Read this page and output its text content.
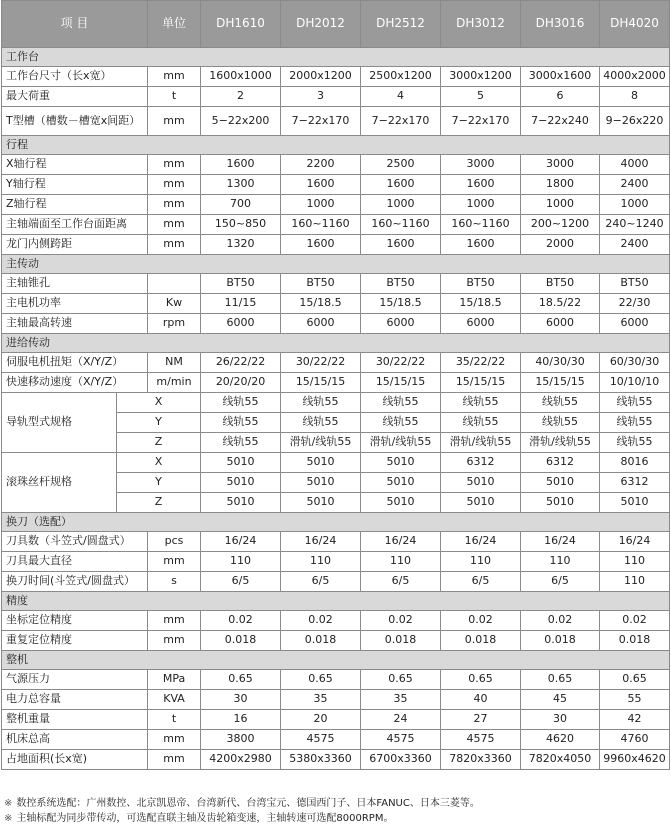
项 目		单位	DH1610	DH2012	DH2512	DH3012	DH3016	DH4020
工作台								
工作台尺寸（长x宽）		mm	1600x1000	2000x1200	2500x1200	3000x1200	3000x1600	4000x2000
最大荷重		t	2	3	4	5	6	8
T型槽（槽数－槽宽x间距）		mm	5−22x200	7−22x170	7−22x170	7−22x170	7−22x240	9−26x220
行程								
X轴行程		mm	1600	2200	2500	3000	3000	4000
Y轴行程		mm	1300	1600	1600	1600	1800	2400
Z轴行程		mm	700	1000	1000	1000	1000	1000
主轴端面至工作台面距离		mm	150~850	160~1160	160~1160	160~1160	200~1200	240~1240
龙门内侧跨距		mm	1320	1600	1600	1600	2000	2400
主传动								
主轴锥孔			BT50	BT50	BT50	BT50	BT50	BT50
主电机功率		Kw	11/15	15/18.5	15/18.5	15/18.5	18.5/22	22/30
主轴最高转速		rpm	6000	6000	6000	6000	6000	6000
进给传动								
伺服电机扭矩（X/Y/Z）		NM	26/22/22	30/22/22	30/22/22	35/22/22	40/30/30	60/30/30
快速移动速度（X/Y/Z）		m/min	20/20/20	15/15/15	15/15/15	15/15/15	15/15/15	10/10/10
导轨型式规格	X		线轨55	线轨55	线轨55	线轨55	线轨55	线轨55
	Y		线轨55	线轨55	线轨55	线轨55	线轨55	线轨55
	Z		线轨55	滑轨/线轨55	滑轨/线轨55	滑轨/线轨55	滑轨/线轨55	线轨55
滚珠丝杆规格	X		5010	5010	5010	6312	6312	8016
	Y		5010	5010	5010	5010	5010	6312
	Z		5010	5010	5010	5010	5010	5010
换刀（选配）								
刀具数（斗笠式/圆盘式）		pcs	16/24	16/24	16/24	16/24	16/24	16/24
刀具最大直径		mm	110	110	110	110	110	110
换刀时间(斗笠式/圆盘式）		s	6/5	6/5	6/5	6/5	6/5	110
精度								
坐标定位精度		mm	0.02	0.02	0.02	0.02	0.02	0.02
重复定位精度		mm	0.018	0.018	0.018	0.018	0.018	0.018
整机								
气源压力		MPa	0.65	0.65	0.65	0.65	0.65	0.65
电力总容量		KVA	30	35	35	40	45	55
整机重量		t	16	20	24	27	30	42
机床总高		mm	3800	4575	4575	4575	4620	4760
占地面积(长x宽)		mm	4200x2980	5380x3360	6700x3360	7820x3360	7820x4050	9960x4620
※ 数控系统选配：广州数控、北京凯恩帝、台湾新代、台湾宝元、德国西门子、日本FANUC、日本三菱等。
※ 主轴标配为同步带传动，可选配直联主轴及齿轮箱变速，主轴转速可选配8000RPM。
